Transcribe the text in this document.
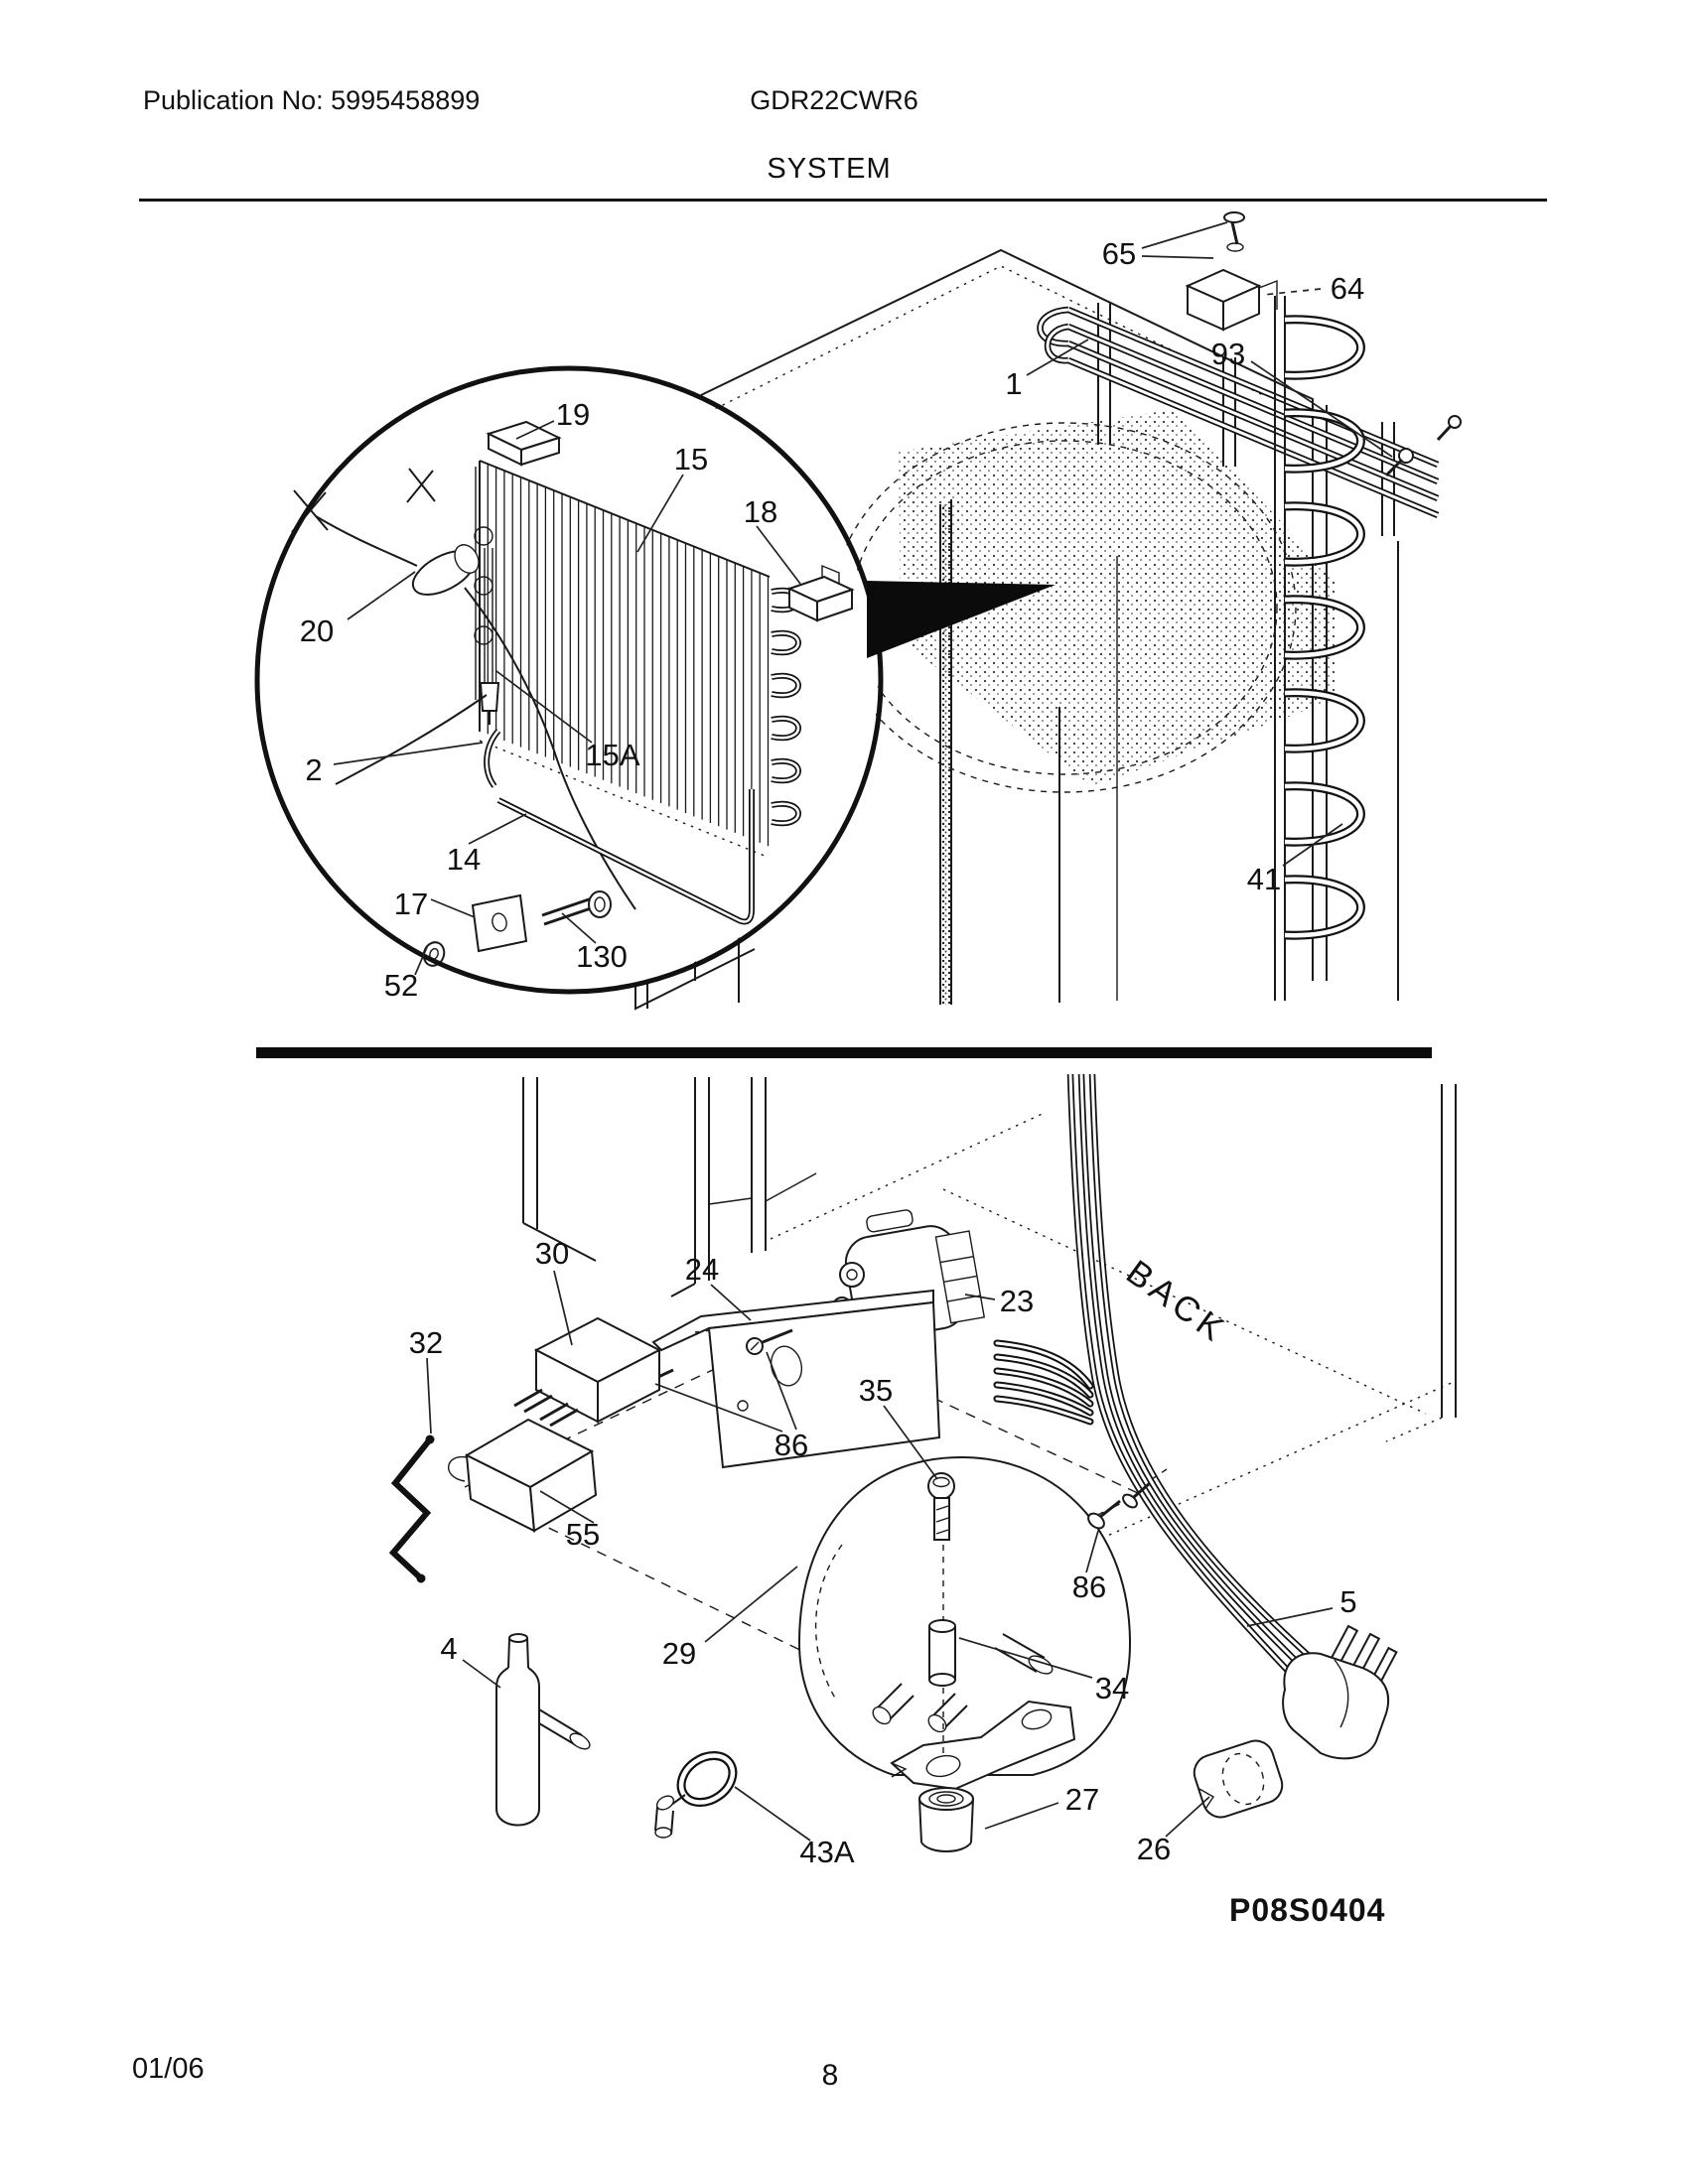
Publication No: 5995458899	GDR22CWR6
SYSTEM
65
64
93
1
19
15
18
20
2	15A
14
17
130
52
41
30	24
23
32
35
86
55
4	29
86	5
34
27
43A	26
BACK
P08S0404
01/06	8
